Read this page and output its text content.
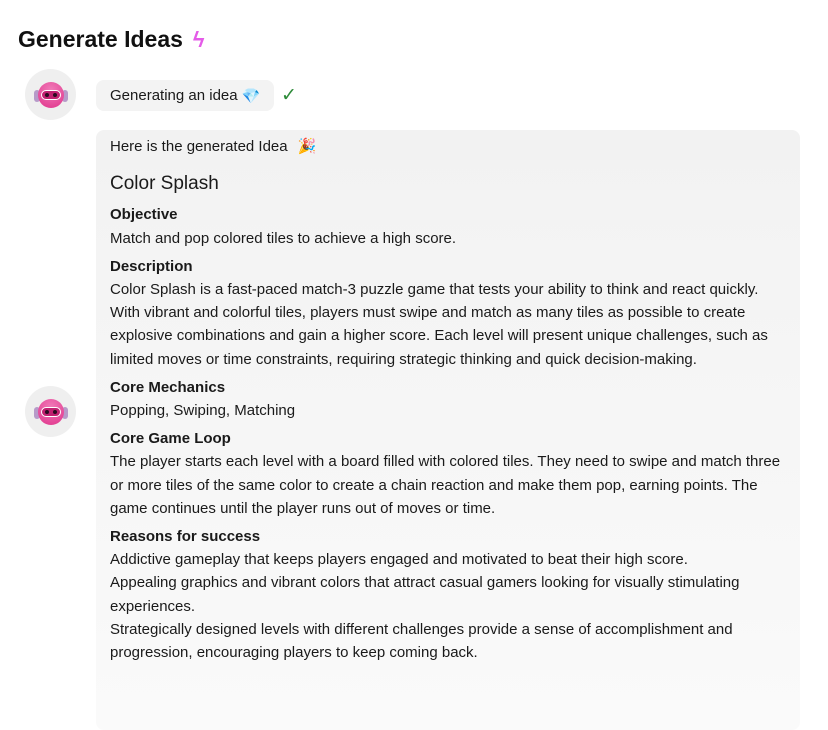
Generate Ideas ϟ
Generating an idea 💎 ✓
Here is the generated Idea 🎉
Color Splash
Objective

Match and pop colored tiles to achieve a high score.

Description

Color Splash is a fast-paced match-3 puzzle game that tests your ability to think and react quickly. With vibrant and colorful tiles, players must swipe and match as many tiles as possible to create explosive combinations and gain a higher score. Each level will present unique challenges, such as limited moves or time constraints, requiring strategic thinking and quick decision-making.

Core Mechanics

Popping, Swiping, Matching

Core Game Loop

The player starts each level with a board filled with colored tiles. They need to swipe and match three or more tiles of the same color to create a chain reaction and make them pop, earning points. The game continues until the player runs out of moves or time.

Reasons for success

Addictive gameplay that keeps players engaged and motivated to beat their high score.

Appealing graphics and vibrant colors that attract casual gamers looking for visually stimulating experiences.

Strategically designed levels with different challenges provide a sense of accomplishment and progression, encouraging players to keep coming back.
